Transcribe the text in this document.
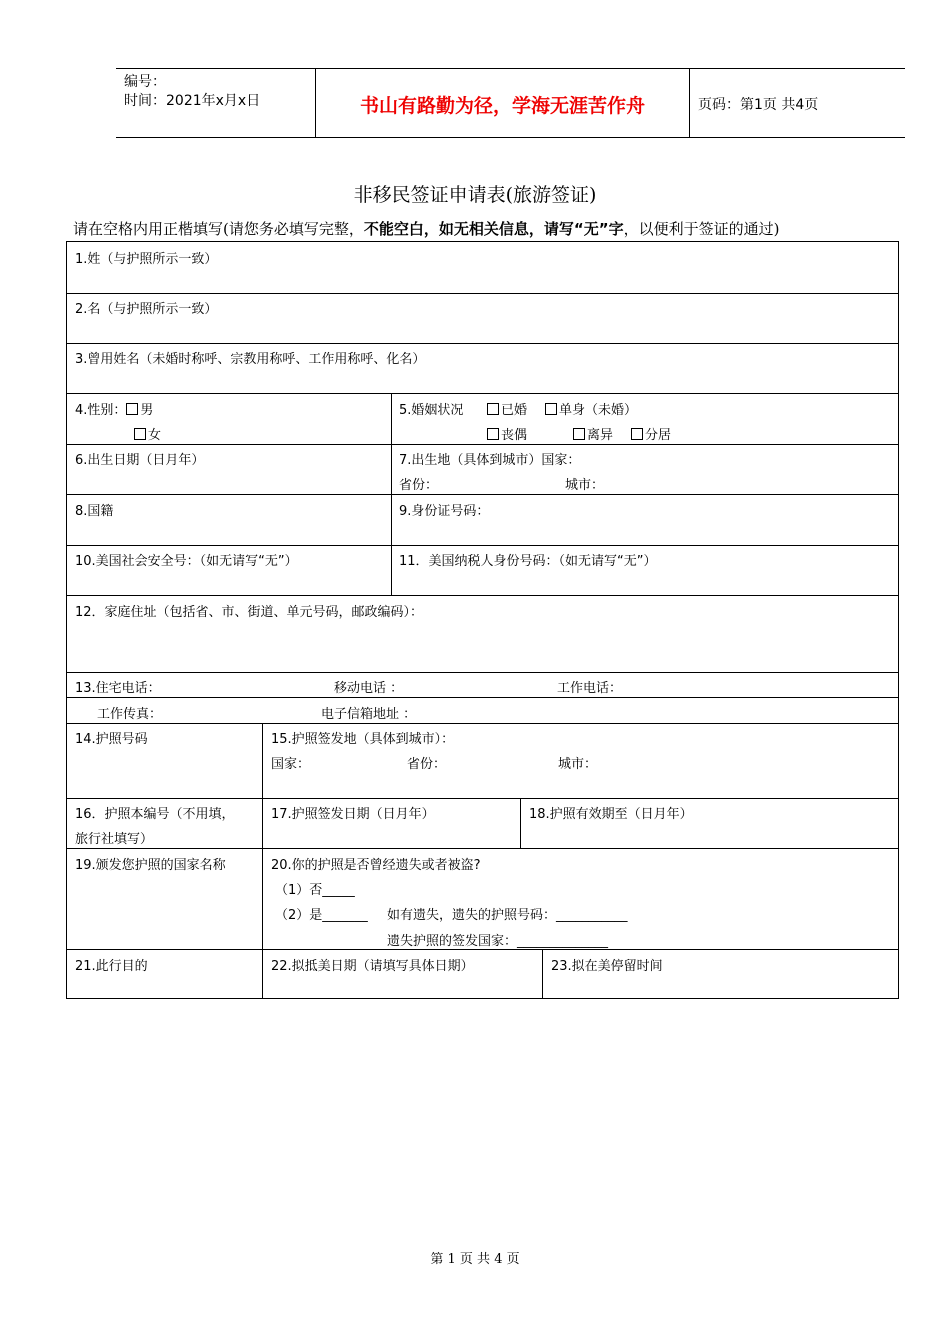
编号：
时间：2021年x月x日	书山有路勤为径，学海无涯苦作舟	页码：第1页 共4页
非移民签证申请表(旅游签证)
请在空格内用正楷填写(请您务必填写完整，不能空白，如无相关信息，请写“无”字，以便利于签证的通过)
1.姓（与护照所示一致）
2.名（与护照所示一致）
3.曾用姓名（未婚时称呼、宗教用称呼、工作用称呼、化名）
4.性别： 男
女
5.婚姻状况	已婚	单身（未婚）
丧偶	离异	分居
6.出生日期（日月年）	7.出生地（具体到城市）国家：
省份：	城市：
8.国籍	9.身份证号码：
10.美国社会安全号：（如无请写“无”）	11．美国纳税人身份号码：（如无请写“无”）
12．家庭住址（包括省、市、街道、单元号码，邮政编码）：
13.住宅电话：	移动电话 ：	工作电话：
工作传真：	电子信箱地址 ：
14.护照号码	15.护照签发地（具体到城市）：
国家：	省份：	城市：
16．护照本编号（不用填，
旅行社填写）
17.护照签发日期（日月年）	18.护照有效期至（日月年）
19.颁发您护照的国家名称	20.你的护照是否曾经遗失或者被盗?
（1）否_____
（2）是_______ 如有遗失，遗失的护照号码：___________
遗失护照的签发国家：______________
21.此行目的	22.拟抵美日期（请填写具体日期）	23.拟在美停留时间
第 1 页 共 4 页
